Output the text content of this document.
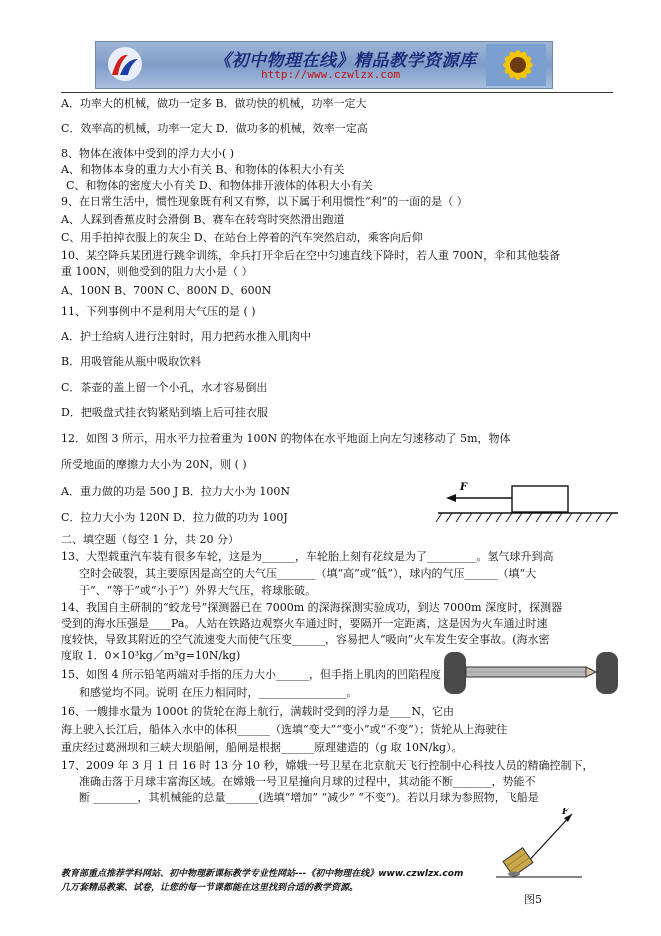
《初中物理在线》精品教学资源库
http://www.czwlzx.com
A．功率大的机械，做功一定多 B．做功快的机械，功率一定大
C．效率高的机械，功率一定大 D．做功多的机械，效率一定高
8、物体在液体中受到的浮力大小( )
A、和物体本身的重力大小有关 B、和物体的体积大小有关
C、和物体的密度大小有关 D、和物体排开液体的体积大小有关
9、在日常生活中，惯性现象既有利又有弊，以下属于利用惯性“利”的一面的是（ ）
A、人踩到香蕉皮时会滑倒 B、赛车在转弯时突然滑出跑道
C、用手拍掉衣服上的灰尘 D、在站台上停着的汽车突然启动，乘客向后仰
10、某空降兵某团进行跳伞训练，伞兵打开伞后在空中匀速直线下降时，若人重 700N，伞和其他装备
重 100N，则他受到的阻力大小是（ ）
A、100N B、700N C、800N D、600N
11、下列事例中不是利用大气压的是 ( )
A．护士给病人进行注射时，用力把药水推入肌肉中
B．用吸管能从瓶中吸取饮料
C．茶壶的盖上留一个小孔，水才容易倒出
D．把吸盘式挂衣钩紧贴到墙上后可挂衣服
12．如图 3 所示，用水平力拉着重为 100N 的物体在水平地面上向左匀速移动了 5m，物体
所受地面的摩擦力大小为 20N，则 ( )
A．重力做的功是 500 J B．拉力大小为 100N
C．拉力大小为 120N D．拉力做的功为 100J
二、填空题（每空 1 分，共 20 分）
13、大型载重汽车装有很多车轮，这是为______，车轮胎上刻有花纹是为了_________。氢气球升到高
空时会破裂，其主要原因是高空的大气压_______（填“高”或“低”），球内的气压______（填“大
于”、“等于”或“小于”）外界大气压，将球胀破。
14、我国自主研制的“蛟龙号”探测器已在 7000m 的深海探测实验成功，到达 7000m 深度时，探测器
受到的海水压强是____Pa。人站在铁路边观察火车通过时，要隔开一定距离，这是因为火车通过时速
度较快，导致其附近的空气流速变大而使气压变______，容易把人“吸向”火车发生安全事故。(海水密
度取 1．0×10³kg／m³g=10N/kg)
15、如图 4 所示铅笔两端对手指的压力大小______，但手指上肌肉的凹陷程度
和感觉均不同。说明 在压力相同时，________________。
16、一艘排水量为 1000t 的货轮在海上航行，满载时受到的浮力是____N，它由
海上驶入长江后，船体入水中的体积______（选填“变大”“变小”或“不变”）；货轮从上海驶往
重庆经过葛洲坝和三峡大坝船闸，船闸是根据______原理建造的（g 取 10N/kg）。
17、2009 年 3 月 1 日 16 时 13 分 10 秒，嫦娥一号卫星在北京航天飞行控制中心科技人员的精确控制下，
准确击落于月球丰富海区域。在嫦娥一号卫星撞向月球的过程中，其动能不断_______，势能不
断 ________，其机械能的总量______(选填“增加” “减少” “不变”)。若以月球为参照物，飞船是
F
F
图5
教育部重点推荐学科网站、初中物理新课标教学专业性网站---《初中物理在线》www.czwlzx.com
几万套精品教案、试卷，让您的每一节课都能在这里找到合适的教学资源。
